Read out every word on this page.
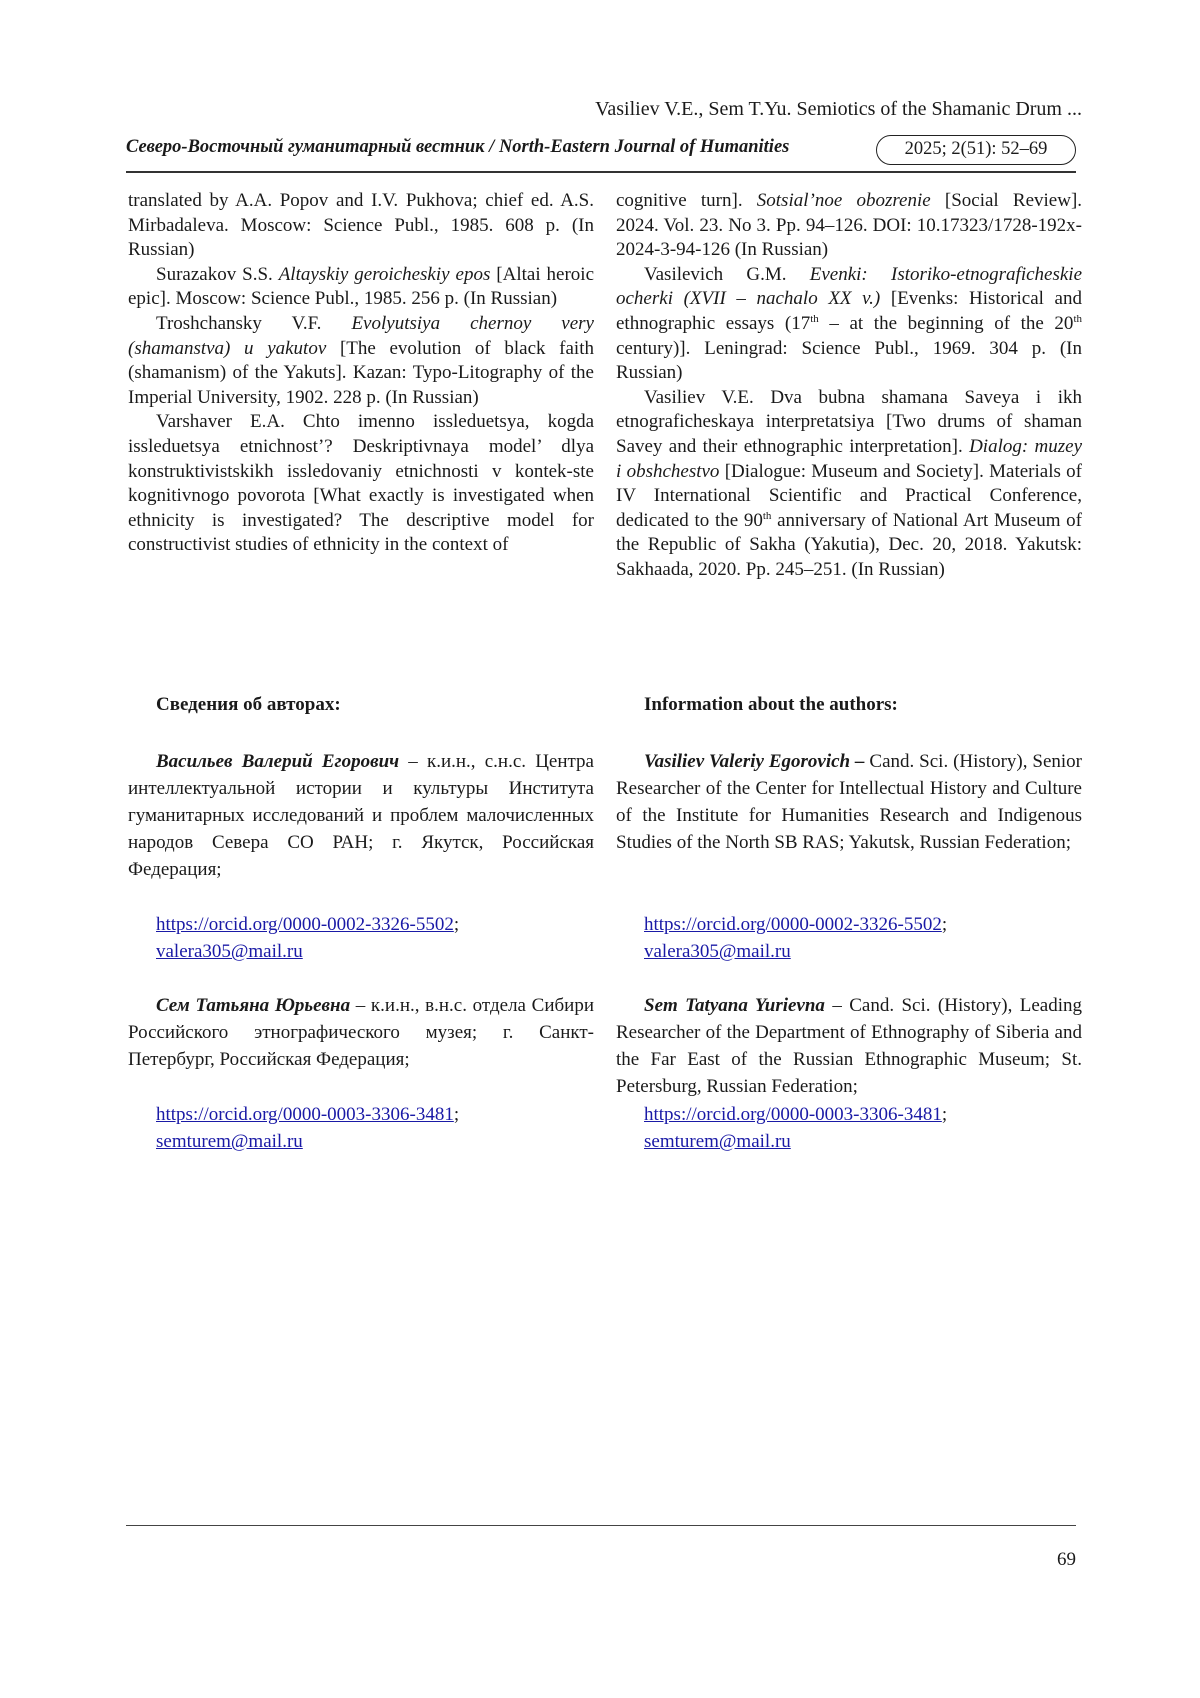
Vasiliev V.E., Sem T.Yu. Semiotics of the Shamanic Drum ...
Северо-Восточный гуманитарный вестник / North-Eastern Journal of Humanities	2025; 2(51): 52–69

translated by A.A. Popov and I.V. Pukhova; chief ed. A.S. Mirbadaleva. Moscow: Science Publ., 1985. 608 p. (In Russian)

Surazakov S.S. Altayskiy geroicheskiy epos [Altai heroic epic]. Moscow: Science Publ., 1985. 256 p. (In Russian)

Troshchansky V.F. Evolyutsiya chernoy very (shamanstva) u yakutov [The evolution of black faith (shamanism) of the Yakuts]. Kazan: Typo-Litography of the Imperial University, 1902. 228 p. (In Russian)

Varshaver E.A. Chto imenno issleduetsya, kogda issleduetsya etnichnost’? Deskriptivnaya model’ dlya konstruktivistskikh issledovaniy etnichnosti v kontek-ste kognitivnogo povorota [What exactly is investigated when ethnicity is investigated? The descriptive model for constructivist studies of ethnicity in the context of

cognitive turn]. Sotsial’noe obozrenie [Social Review]. 2024. Vol. 23. No 3. Pp. 94–126. DOI: 10.17323/1728-192x-2024-3-94-126 (In Russian)

Vasilevich G.M. Evenki: Istoriko-etnograficheskie ocherki (XVII – nachalo XX v.) [Evenks: Historical and ethnographic essays (17th – at the beginning of the 20th century)]. Leningrad: Science Publ., 1969. 304 p. (In Russian)

Vasiliev V.E. Dva bubna shamana Saveya i ikh etnograficheskaya interpretatsiya [Two drums of shaman Savey and their ethnographic interpretation]. Dialog: muzey i obshchestvo [Dialogue: Museum and Society]. Materials of IV International Scientific and Practical Conference, dedicated to the 90th anniversary of National Art Museum of the Republic of Sakha (Yakutia), Dec. 20, 2018. Yakutsk: Sakhaada, 2020. Pp. 245–251. (In Russian)

Сведения об авторах:	Information about the authors:

Васильев Валерий Егорович – к.и.н., с.н.с. Центра интеллектуальной истории и культуры Института гуманитарных исследований и проблем малочисленных народов Севера СО РАН; г. Якутск, Российская Федерация;

Vasiliev Valeriy Egorovich – Cand. Sci. (History), Senior Researcher of the Center for Intellectual History and Culture of the Institute for Humanities Research and Indigenous Studies of the North SB RAS; Yakutsk, Russian Federation;

https://orcid.org/0000-0002-3326-5502;
valera305@mail.ru
https://orcid.org/0000-0002-3326-5502;
valera305@mail.ru

Сем Татьяна Юрьевна – к.и.н., в.н.с. отдела Сибири Российского этнографического музея; г. Санкт-Петербург, Российская Федерация;

Sem Tatyana Yurievna – Cand. Sci. (History), Leading Researcher of the Department of Ethnography of Siberia and the Far East of the Russian Ethnographic Museum; St. Petersburg, Russian Federation;

https://orcid.org/0000-0003-3306-3481;
semturem@mail.ru
https://orcid.org/0000-0003-3306-3481;
semturem@mail.ru
69
